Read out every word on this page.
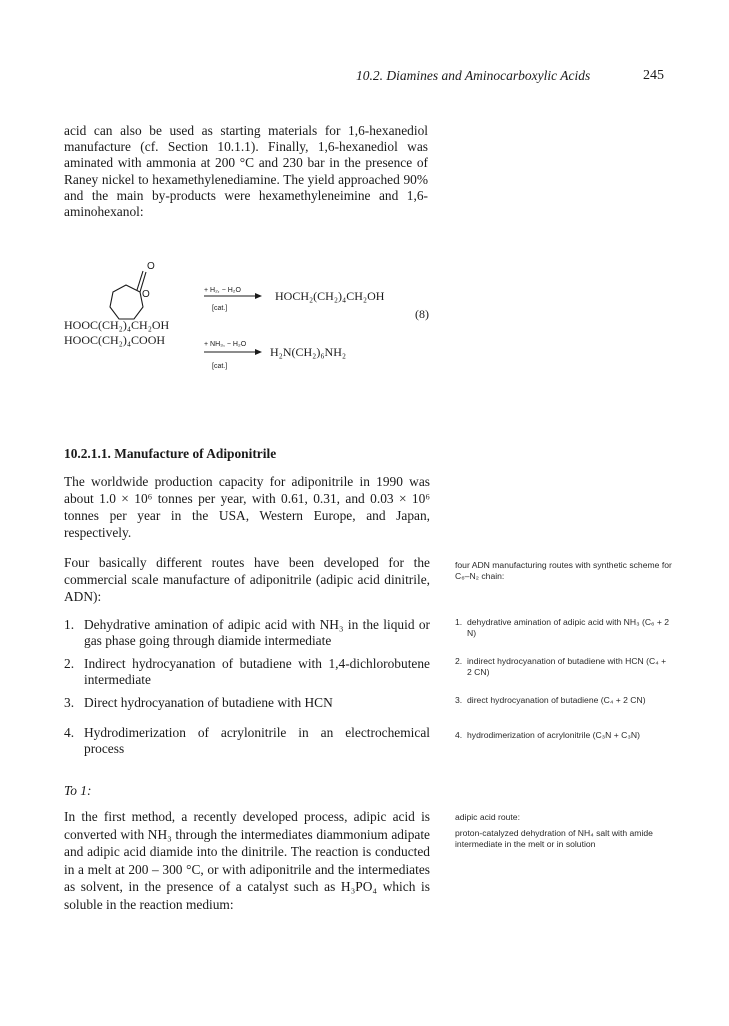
10.2. Diamines and Aminocarboxylic Acids	245
acid can also be used as starting materials for 1,6-hexanediol manufacture (cf. Section 10.1.1). Finally, 1,6-hexanediol was aminated with ammonia at 200 °C and 230 bar in the presence of Raney nickel to hexamethylenediamine. The yield approached 90% and the main by-products were hexamethyleneimine and 1,6-aminohexanol:
O
O
HOOC(CH₂)₄CH₂OH
HOOC(CH₂)₄COOH
+ H₂, − H₂O
[cat.]
HOCH₂(CH₂)₄CH₂OH
(8)
+ NH₃, − H₂O
[cat.]
H₂N(CH₂)₆NH₂
10.2.1.1. Manufacture of Adiponitrile
The worldwide production capacity for adiponitrile in 1990 was about 1.0 × 10⁶ tonnes per year, with 0.61, 0.31, and 0.03 × 10⁶ tonnes per year in the USA, Western Europe, and Japan, respectively.
Four basically different routes have been developed for the commercial scale manufacture of adiponitrile (adipic acid dinitrile, ADN):
1. Dehydrative amination of adipic acid with NH₃ in the liquid or gas phase going through diamide intermediate
2. Indirect hydrocyanation of butadiene with 1,4-dichlorobutene intermediate
3. Direct hydrocyanation of butadiene with HCN
4. Hydrodimerization of acrylonitrile in an electrochemical process
To 1:
In the first method, a recently developed process, adipic acid is converted with NH₃ through the intermediates diammonium adipate and adipic acid diamide into the dinitrile. The reaction is conducted in a melt at 200 – 300 °C, or with adiponitrile and the intermediates as solvent, in the presence of a catalyst such as H₃PO₄ which is soluble in the reaction medium:
four ADN manufacturing routes with synthetic scheme for C₆–N₂ chain:
1. dehydrative amination of adipic acid with NH₃ (C₆ + 2 N)
2. indirect hydrocyanation of butadiene with HCN (C₄ + 2 CN)
3. direct hydrocyanation of butadiene (C₄ + 2 CN)
4. hydrodimerization of acrylonitrile (C₃N + C₃N)
adipic acid route:
proton-catalyzed dehydration of NH₄ salt with amide intermediate in the melt or in solution
